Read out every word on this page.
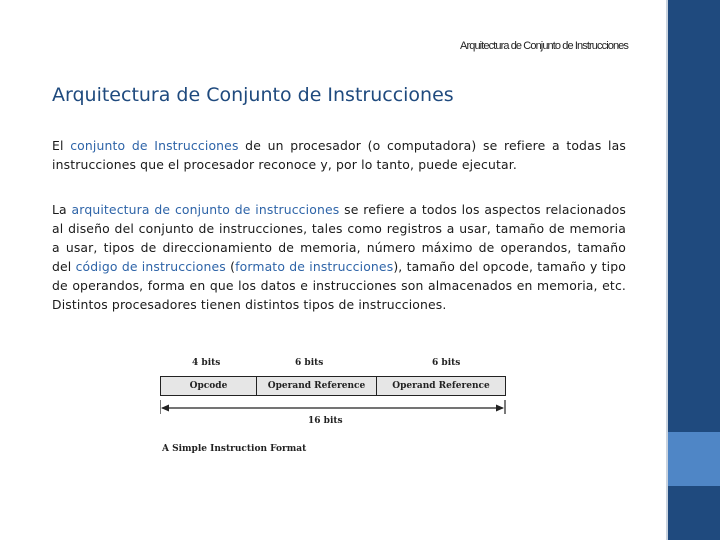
Arquitectura de Conjunto de Instrucciones
Arquitectura de Conjunto de Instrucciones

El conjunto de Instrucciones de un procesador (o computadora) se refiere a todas las instrucciones que el procesador reconoce y, por lo tanto, puede ejecutar.

La arquitectura de conjunto de instrucciones se refiere a todos los aspectos relacionados al diseño del conjunto de instrucciones, tales como registros a usar, tamaño de memoria a usar, tipos de direccionamiento de memoria, número máximo de operandos, tamaño del código de instrucciones (formato de instrucciones), tamaño del opcode, tamaño y tipo de operandos, forma en que los datos e instrucciones son almacenados en memoria, etc. Distintos procesadores tienen distintos tipos de instrucciones.

4 bits	6 bits	6 bits
Opcode	Operand Reference	Operand Reference
16 bits
A Simple Instruction Format
